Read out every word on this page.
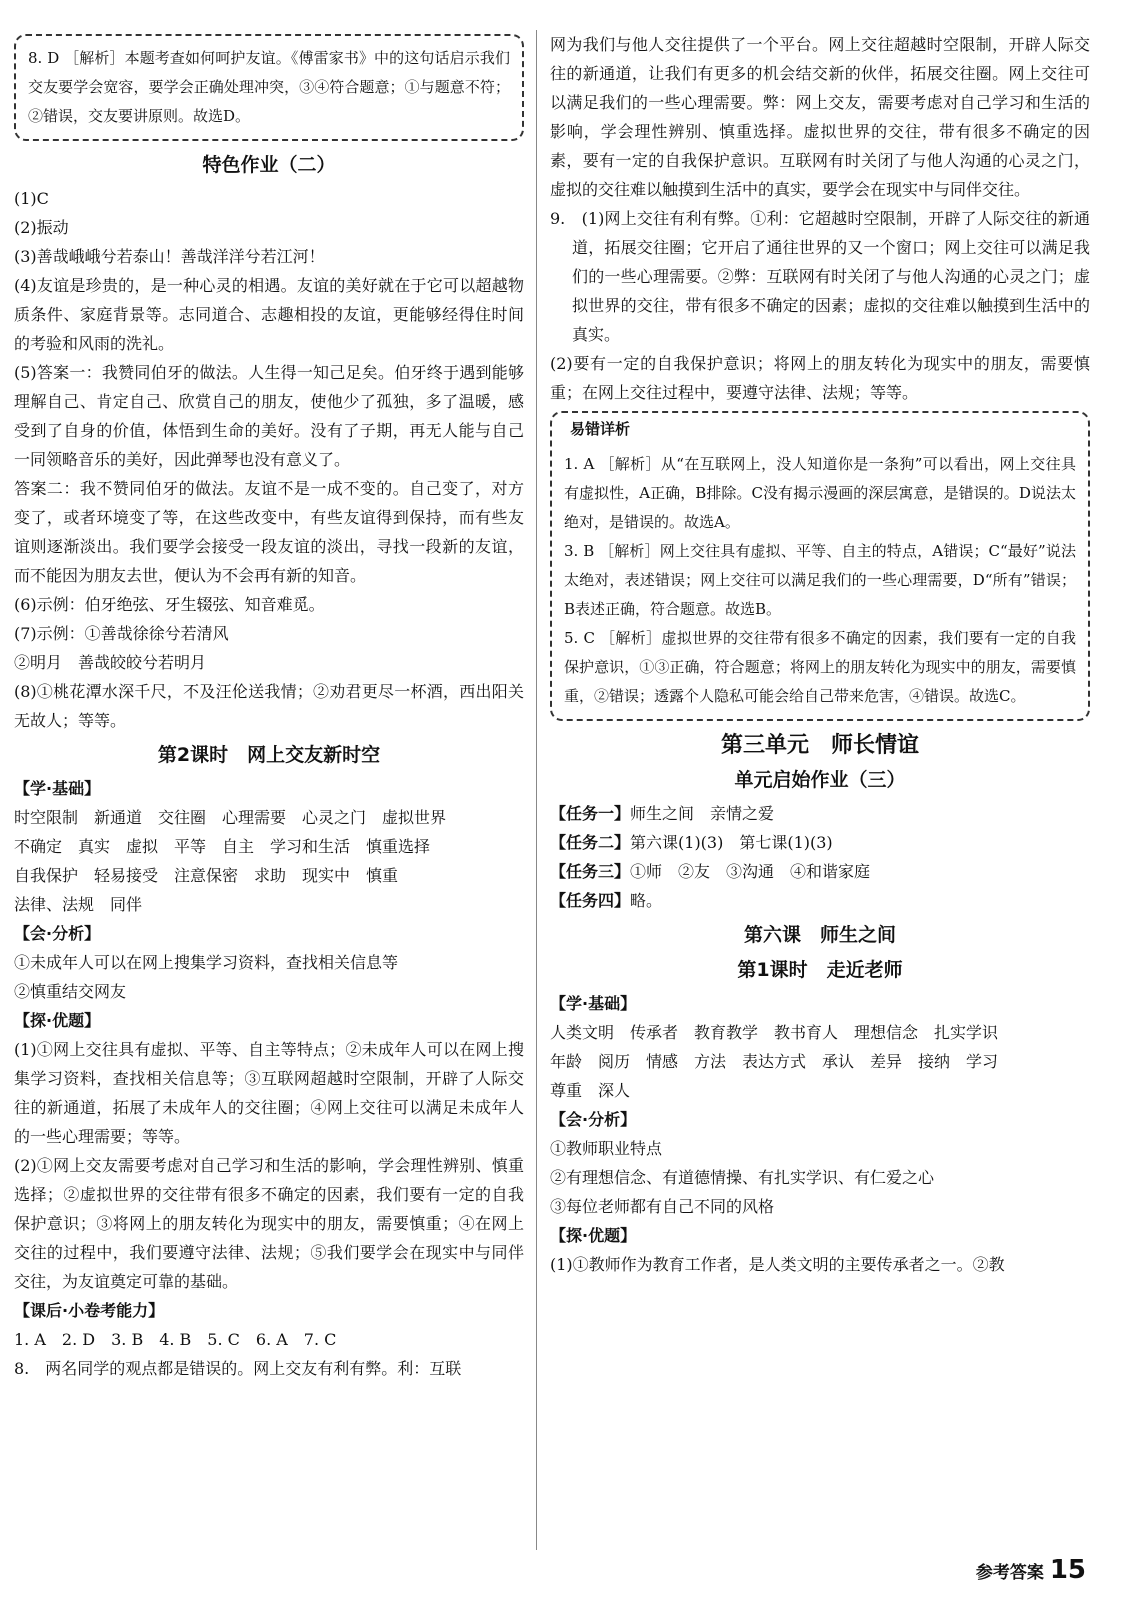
8. D ［解析］本题考查如何呵护友谊。《傅雷家书》中的这句话启示我们交友要学会宽容，要学会正确处理冲突，③④符合题意；①与题意不符；②错误，交友要讲原则。故选D。

特色作业（二）

(1)C

(2)振动

(3)善哉峨峨兮若泰山！善哉洋洋兮若江河！

(4)友谊是珍贵的，是一种心灵的相遇。友谊的美好就在于它可以超越物质条件、家庭背景等。志同道合、志趣相投的友谊，更能够经得住时间的考验和风雨的洗礼。

(5)答案一：我赞同伯牙的做法。人生得一知己足矣。伯牙终于遇到能够理解自己、肯定自己、欣赏自己的朋友，使他少了孤独，多了温暖，感受到了自身的价值，体悟到生命的美好。没有了子期，再无人能与自己一同领略音乐的美好，因此弹琴也没有意义了。

答案二：我不赞同伯牙的做法。友谊不是一成不变的。自己变了，对方变了，或者环境变了等，在这些改变中，有些友谊得到保持，而有些友谊则逐渐淡出。我们要学会接受一段友谊的淡出，寻找一段新的友谊，而不能因为朋友去世，便认为不会再有新的知音。

(6)示例：伯牙绝弦、牙生辍弦、知音难觅。

(7)示例：①善哉徐徐兮若清风

②明月　善哉皎皎兮若明月

(8)①桃花潭水深千尺，不及汪伦送我情；②劝君更尽一杯酒，西出阳关无故人；等等。

第2课时　网上交友新时空

【学·基础】

时空限制　新通道　交往圈　心理需要　心灵之门　虚拟世界

不确定　真实　虚拟　平等　自主　学习和生活　慎重选择

自我保护　轻易接受　注意保密　求助　现实中　慎重

法律、法规　同伴

【会·分析】

①未成年人可以在网上搜集学习资料，查找相关信息等

②慎重结交网友

【探·优题】

(1)①网上交往具有虚拟、平等、自主等特点；②未成年人可以在网上搜集学习资料，查找相关信息等；③互联网超越时空限制，开辟了人际交往的新通道，拓展了未成年人的交往圈；④网上交往可以满足未成年人的一些心理需要；等等。

(2)①网上交友需要考虑对自己学习和生活的影响，学会理性辨别、慎重选择；②虚拟世界的交往带有很多不确定的因素，我们要有一定的自我保护意识；③将网上的朋友转化为现实中的朋友，需要慎重；④在网上交往的过程中，我们要遵守法律、法规；⑤我们要学会在现实中与同伴交往，为友谊奠定可靠的基础。

【课后·小卷考能力】

1. A　2. D　3. B　4. B　5. C　6. A　7. C

8.　两名同学的观点都是错误的。网上交友有利有弊。利：互联

网为我们与他人交往提供了一个平台。网上交往超越时空限制，开辟人际交往的新通道，让我们有更多的机会结交新的伙伴，拓展交往圈。网上交往可以满足我们的一些心理需要。弊：网上交友，需要考虑对自己学习和生活的影响，学会理性辨别、慎重选择。虚拟世界的交往，带有很多不确定的因素，要有一定的自我保护意识。互联网有时关闭了与他人沟通的心灵之门，虚拟的交往难以触摸到生活中的真实，要学会在现实中与同伴交往。

9.　(1)网上交往有利有弊。①利：它超越时空限制，开辟了人际交往的新通道，拓展交往圈；它开启了通往世界的又一个窗口；网上交往可以满足我们的一些心理需要。②弊：互联网有时关闭了与他人沟通的心灵之门；虚拟世界的交往，带有很多不确定的因素；虚拟的交往难以触摸到生活中的真实。

(2)要有一定的自我保护意识；将网上的朋友转化为现实中的朋友，需要慎重；在网上交往过程中，要遵守法律、法规；等等。

易错详析

1. A ［解析］从“在互联网上，没人知道你是一条狗”可以看出，网上交往具有虚拟性，A正确，B排除。C没有揭示漫画的深层寓意，是错误的。D说法太绝对，是错误的。故选A。

3. B ［解析］网上交往具有虚拟、平等、自主的特点，A错误；C“最好”说法太绝对，表述错误；网上交往可以满足我们的一些心理需要，D“所有”错误；B表述正确，符合题意。故选B。

5. C ［解析］虚拟世界的交往带有很多不确定的因素，我们要有一定的自我保护意识，①③正确，符合题意；将网上的朋友转化为现实中的朋友，需要慎重，②错误；透露个人隐私可能会给自己带来危害，④错误。故选C。

第三单元　师长情谊
单元启始作业（三）

【任务一】师生之间　亲情之爱

【任务二】第六课(1)(3)　第七课(1)(3)

【任务三】①师　②友　③沟通　④和谐家庭

【任务四】略。

第六课　师生之间
第1课时　走近老师

【学·基础】

人类文明　传承者　教育教学　教书育人　理想信念　扎实学识

年龄　阅历　情感　方法　表达方式　承认　差异　接纳　学习

尊重　深人

【会·分析】

①教师职业特点

②有理想信念、有道德情操、有扎实学识、有仁爱之心

③每位老师都有自己不同的风格

【探·优题】

(1)①教师作为教育工作者，是人类文明的主要传承者之一。②教

参考答案 15
